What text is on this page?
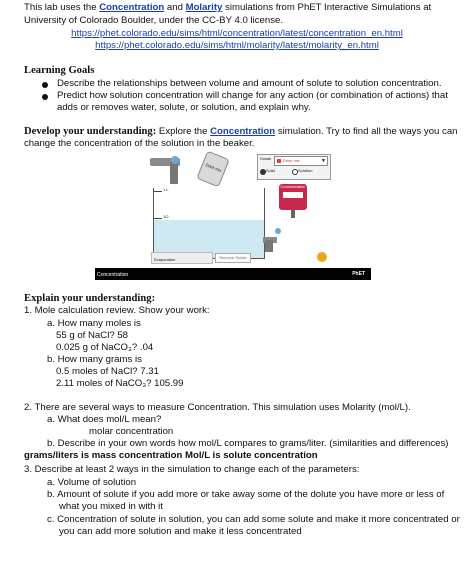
This lab uses the Concentration and Molarity simulations from PhET Interactive Simulations at
University of Colorado Boulder, under the CC-BY 4.0 license.
https://phet.colorado.edu/sims/html/concentration/latest/concentration_en.html
https://phet.colorado.edu/sims/html/molarity/latest/molarity_en.html
Learning Goals
Describe the relationships between volume and amount of solute to solution concentration.
Predict how solution concentration will change for any action (or combination of actions) that
adds or removes water, solute, or solution, and explain why.
Develop your understanding: Explore the Concentration simulation. Try to find all the ways you can
change the concentration of the solution in the beaker.
Drink mix
1 L
1/2
Evaporation	Remove Solute
Solute	Drink mix	▼
Solid	Solution
Concentration
Concentration	PhET
Explain your understanding:
1. Mole calculation review. Show your work:
a. How many moles is
55 g of NaCl? 58
0.025 g of NaCO₃? .04
b. How many grams is
0.5 moles of NaCl? 7.31
2.11 moles of NaCO₃? 105.99
2. There are several ways to measure Concentration. This simulation uses Molarity (mol/L).
a. What does mol/L mean?
molar concentration
b. Describe in your own words how mol/L compares to grams/liter. (similarities and differences)
grams/liters is mass concentration Mol/L is solute concentration
3. Describe at least 2 ways in the simulation to change each of the parameters:
a. Volume of solution
b. Amount of solute if you add more or take away some of the dolute you have more or less of
what you mixed in with it
c. Concentration of solute in solution, you can add some solute and make it more concentrated or
you can add more solution and make it less concentrated
